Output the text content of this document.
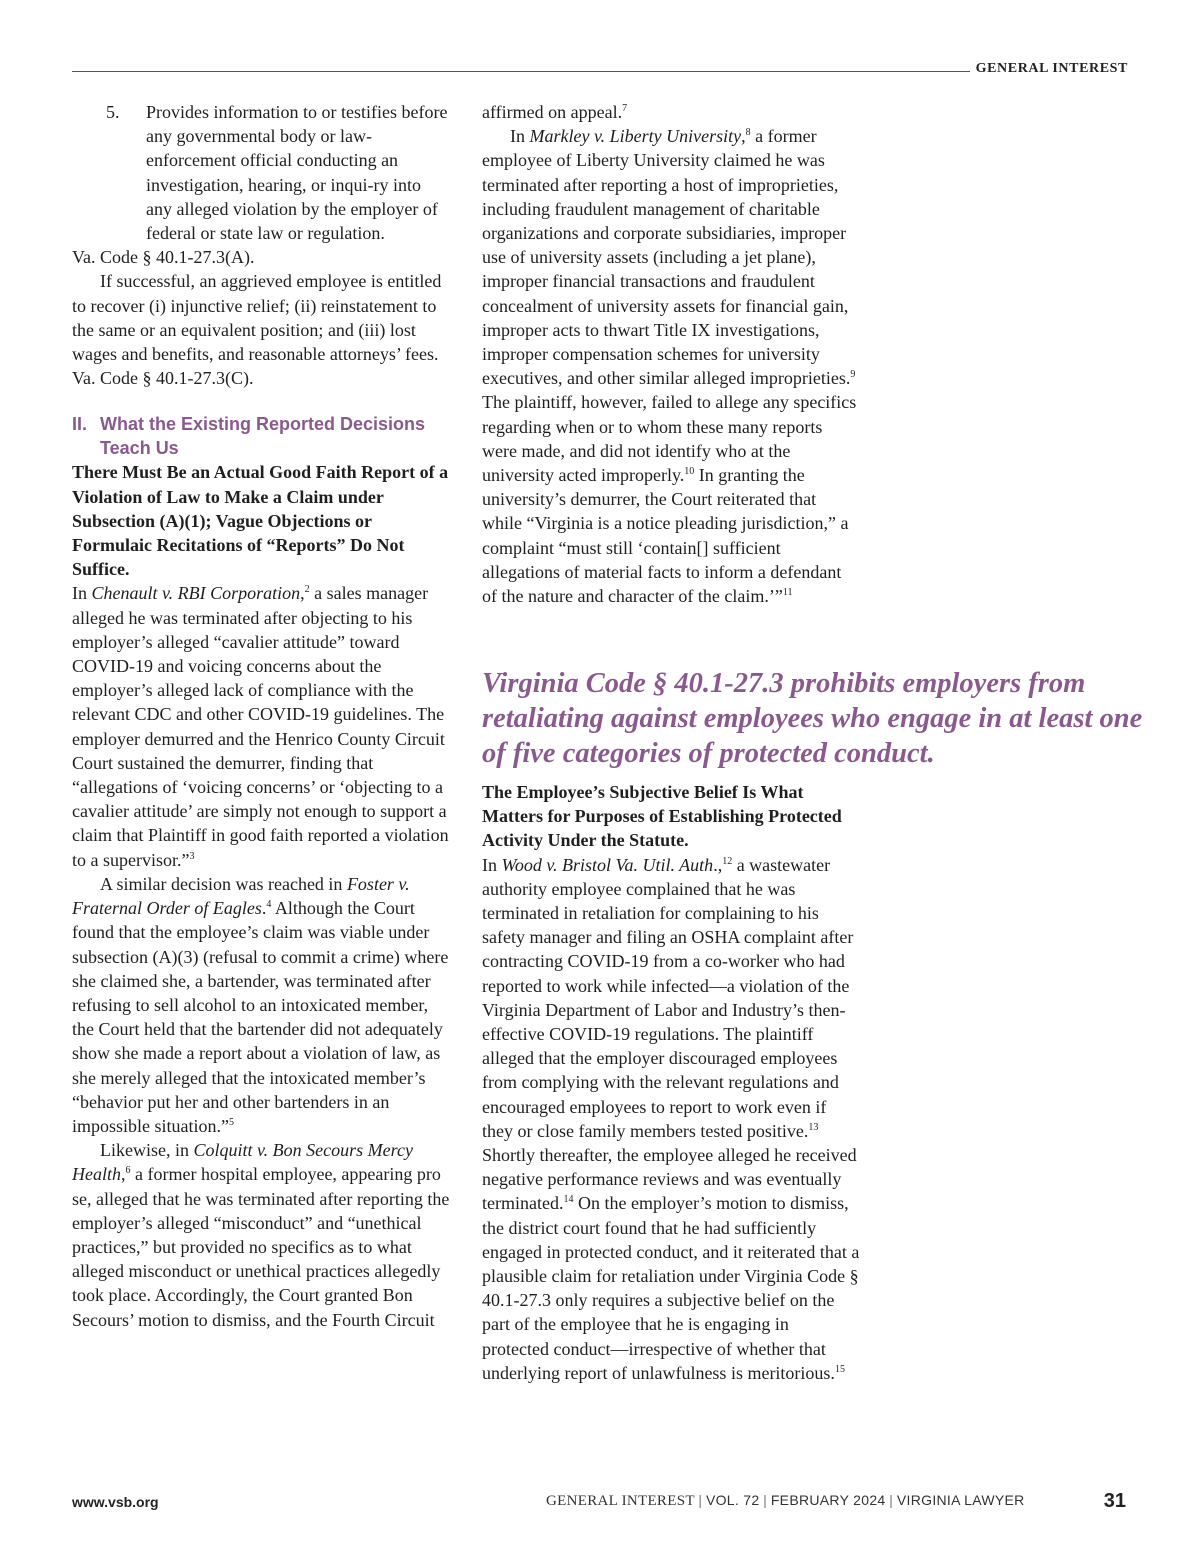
GENERAL INTEREST
5.	Provides information to or testifies before any governmental body or law-enforcement official conducting an investigation, hearing, or inqui-ry into any alleged violation by the employer of federal or state law or regulation.

Va. Code § 40.1-27.3(A).

If successful, an aggrieved employee is entitled to recover (i) injunctive relief; (ii) reinstatement to the same or an equivalent position; and (iii) lost wages and benefits, and reasonable attorneys’ fees. Va. Code § 40.1-27.3(C).

II. What the Existing Reported Decisions Teach Us

There Must Be an Actual Good Faith Report of a Violation of Law to Make a Claim under Subsection (A)(1); Vague Objections or Formulaic Recitations of “Reports” Do Not Suffice.

In Chenault v. RBI Corporation,$^2$ a sales manager alleged he was terminated after objecting to his employer’s alleged “cavalier attitude” toward COVID-19 and voicing concerns about the employer’s alleged lack of compliance with the relevant CDC and other COVID-19 guidelines. The employer demurred and the Henrico County Circuit Court sustained the demurrer, finding that “allegations of ‘voicing concerns’ or ‘objecting to a cavalier attitude’ are simply not enough to support a claim that Plaintiff in good faith reported a violation to a supervisor.”$^3$

A similar decision was reached in Foster v. Fraternal Order of Eagles.$^4$ Although the Court found that the employee’s claim was viable under subsection (A)(3) (refusal to commit a crime) where she claimed she, a bartender, was terminated after refusing to sell alcohol to an intoxicated member, the Court held that the bartender did not adequately show she made a report about a violation of law, as she merely alleged that the intoxicated member’s “behavior put her and other bartenders in an impossible situation.”$^5$

Likewise, in Colquitt v. Bon Secours Mercy Health,$^6$ a former hospital employee, appearing pro se, alleged that he was terminated after reporting the employer’s alleged “misconduct” and “unethical practices,” but provided no specifics as to what alleged misconduct or unethical practices allegedly took place. Accordingly, the Court granted Bon Secours’ motion to dismiss, and the Fourth Circuit

affirmed on appeal.$^7$

In Markley v. Liberty University,$^8$ a former employee of Liberty University claimed he was terminated after reporting a host of improprieties, including fraudulent management of charitable organizations and corporate subsidiaries, improper use of university assets (including a jet plane), improper financial transactions and fraudulent concealment of university assets for financial gain, improper acts to thwart Title IX investigations, improper compensation schemes for university executives, and other similar alleged improprieties.$^9$ The plaintiff, however, failed to allege any specifics regarding when or to whom these many reports were made, and did not identify who at the university acted improperly.$^{10}$ In granting the university’s demurrer, the Court reiterated that while “Virginia is a notice pleading jurisdiction,” a complaint “must still ‘contain[] sufficient allegations of material facts to inform a defendant of the nature and character of the claim.’”$^{11}$

Virginia Code § 40.1-27.3 prohibits employers from retaliating against employees who engage in at least one of five categories of protected conduct.

The Employee’s Subjective Belief Is What Matters for Purposes of Establishing Protected Activity Under the Statute.

In Wood v. Bristol Va. Util. Auth.,$^{12}$ a wastewater authority employee complained that he was terminated in retaliation for complaining to his safety manager and filing an OSHA complaint after contracting COVID-19 from a co-worker who had reported to work while infected—a violation of the Virginia Department of Labor and Industry’s then-effective COVID-19 regulations. The plaintiff alleged that the employer discouraged employees from complying with the relevant regulations and encouraged employees to report to work even if they or close family members tested positive.$^{13}$ Shortly thereafter, the employee alleged he received negative performance reviews and was eventually terminated.$^{14}$ On the employer’s motion to dismiss, the district court found that he had sufficiently engaged in protected conduct, and it reiterated that a plausible claim for retaliation under Virginia Code § 40.1-27.3 only requires a subjective belief on the part of the employee that he is engaging in protected conduct—irrespective of whether that underlying report of unlawfulness is meritorious.$^{15}$

www.vsb.org	GENERAL INTEREST | VOL. 72 | FEBRUARY 2024 | VIRGINIA LAWYER	31
